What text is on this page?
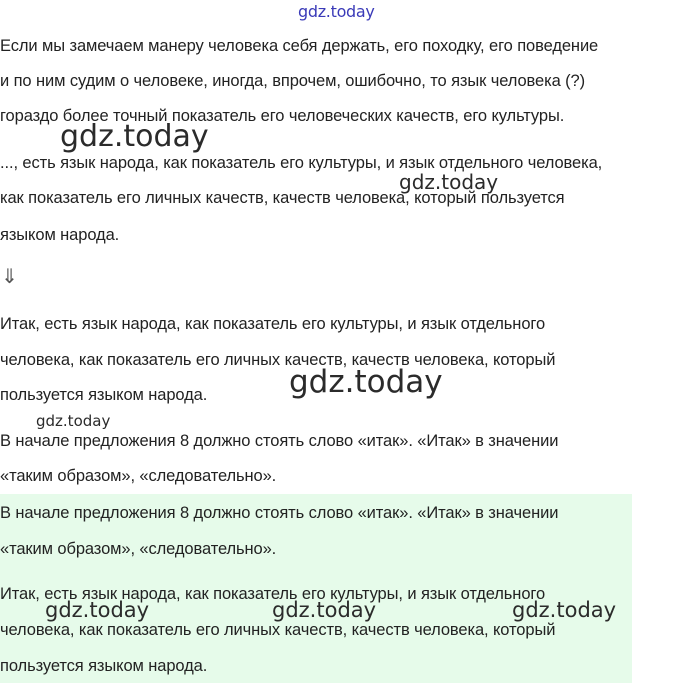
gdz.today
Если мы замечаем манеру человека себя держать, его походку, его поведение
и по ним судим о человеке, иногда, впрочем, ошибочно, то язык человека (?)
гораздо более точный показатель его человеческих качеств, его культуры.
..., есть язык народа, как показатель его культуры, и язык отдельного человека,
как показатель его личных качеств, качеств человека, который пользуется
языком народа.
⇓
Итак, есть язык народа, как показатель его культуры, и язык отдельного
человека, как показатель его личных качеств, качеств человека, который
пользуется языком народа.
В начале предложения 8 должно стоять слово «итак». «Итак» в значении
«таким образом», «следовательно».
В начале предложения 8 должно стоять слово «итак». «Итак» в значении
«таким образом», «следовательно».
Итак, есть язык народа, как показатель его культуры, и язык отдельного
человека, как показатель его личных качеств, качеств человека, который
пользуется языком народа.
gdz.today
gdz.today
gdz.today
gdz.today
gdz.today	gdz.today	gdz.today
